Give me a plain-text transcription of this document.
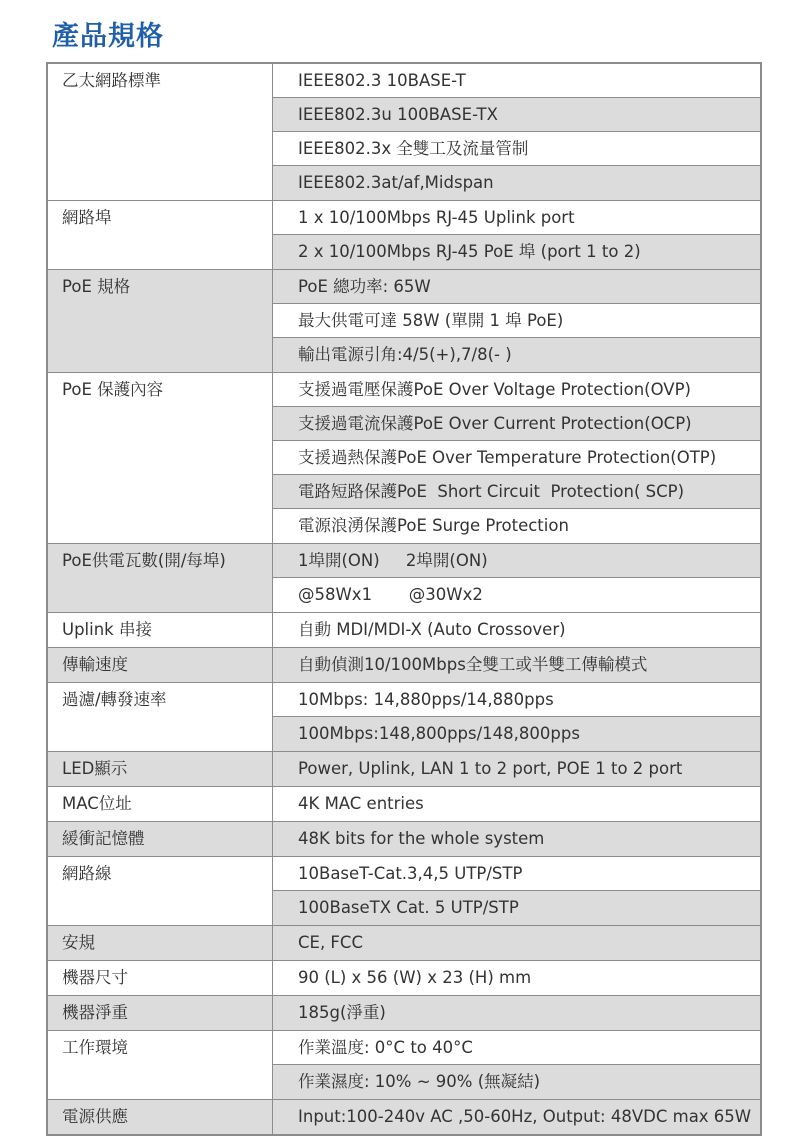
產品規格
乙太網路標準	IEEE802.3 10BASE-T
IEEE802.3u 100BASE-TX
IEEE802.3x 全雙工及流量管制
IEEE802.3at/af,Midspan
網路埠	1 x 10/100Mbps RJ-45 Uplink port
2 x 10/100Mbps RJ-45 PoE 埠 (port 1 to 2)
PoE 規格	PoE 總功率: 65W
最大供電可達 58W (單開 1 埠 PoE)
輸出電源引角:4/5(+),7/8(- )
PoE 保護內容	支援過電壓保護PoE Over Voltage Protection(OVP)
支援過電流保護PoE Over Current Protection(OCP)
支援過熱保護PoE Over Temperature Protection(OTP)
電路短路保護PoE  Short Circuit  Protection( SCP)
電源浪湧保護PoE Surge Protection
PoE供電瓦數(開/每埠)	1埠開(ON)     2埠開(ON)
@58Wx1       @30Wx2
Uplink 串接	自動 MDI/MDI-X (Auto Crossover)
傳輸速度	自動偵測10/100Mbps全雙工或半雙工傳輸模式
過濾/轉發速率	10Mbps: 14,880pps/14,880pps
100Mbps:148,800pps/148,800pps
LED顯示	Power, Uplink, LAN 1 to 2 port, POE 1 to 2 port
MAC位址	4K MAC entries
緩衝記憶體	48K bits for the whole system
網路線	10BaseT-Cat.3,4,5 UTP/STP
100BaseTX Cat. 5 UTP/STP
安規	CE, FCC
機器尺寸	90 (L) x 56 (W) x 23 (H) mm
機器淨重	185g(淨重)
工作環境	作業溫度: 0°C to 40°C
作業濕度: 10% ~ 90% (無凝結)
電源供應	Input:100-240v AC ,50-60Hz, Output: 48VDC max 65W
